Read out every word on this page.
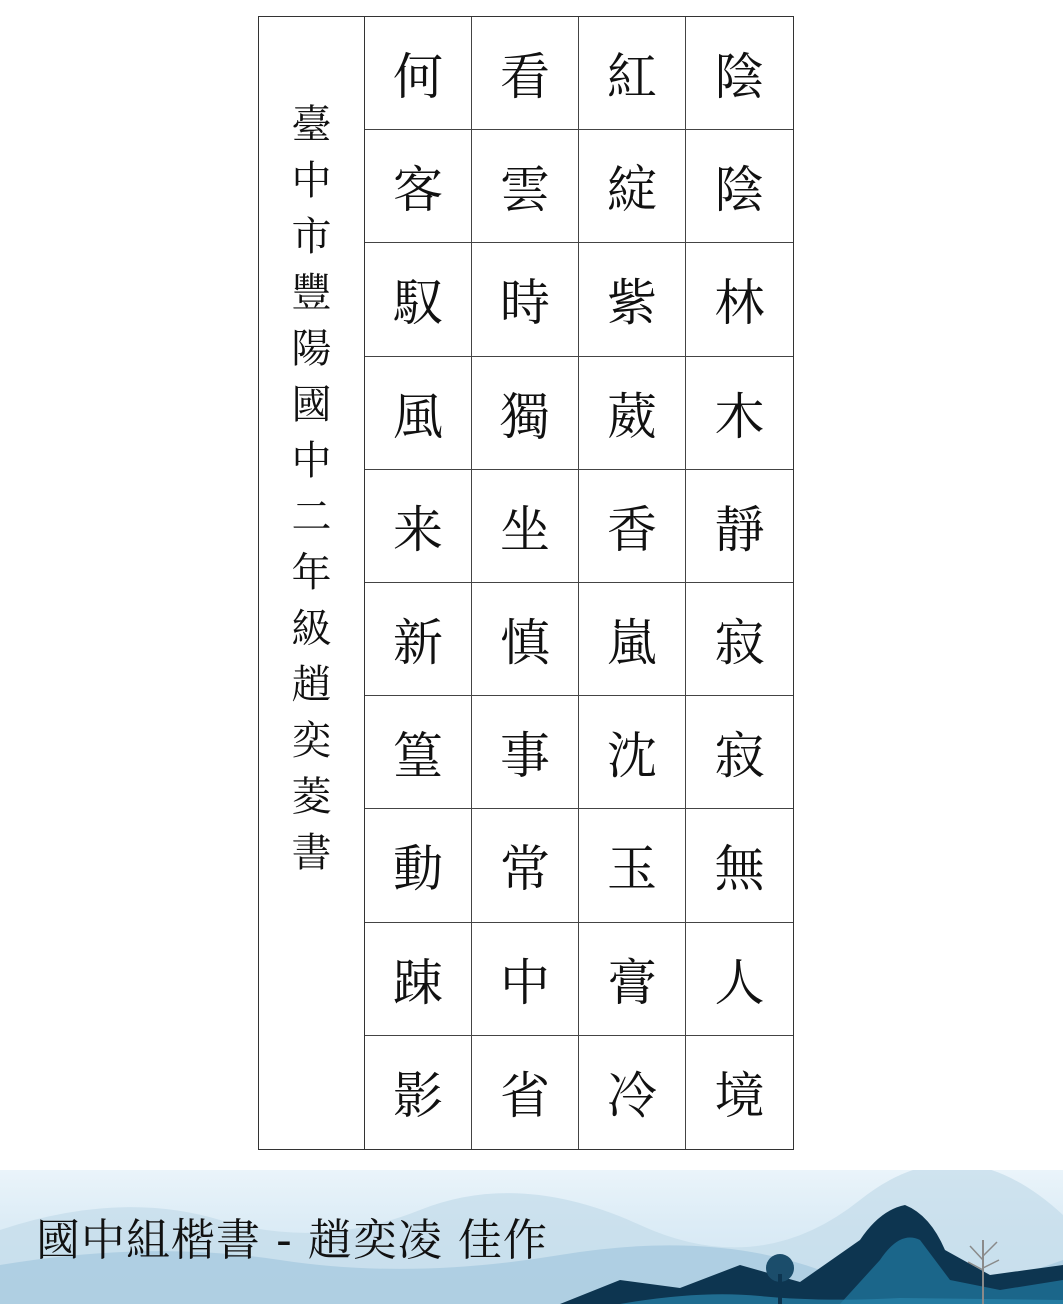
臺
中
市
豐
陽
國
中
二
年
級
趙
奕
菱
書
何	看	紅	陰
客	雲	綻	陰
馭	時	紫	林
風	獨	葳	木
来	坐	香	靜
新	慎	嵐	寂
篁	事	沈	寂
動	常	玉	無
踈	中	膏	人
影	省	冷	境
國中組楷書 - 趙奕凌 佳作
